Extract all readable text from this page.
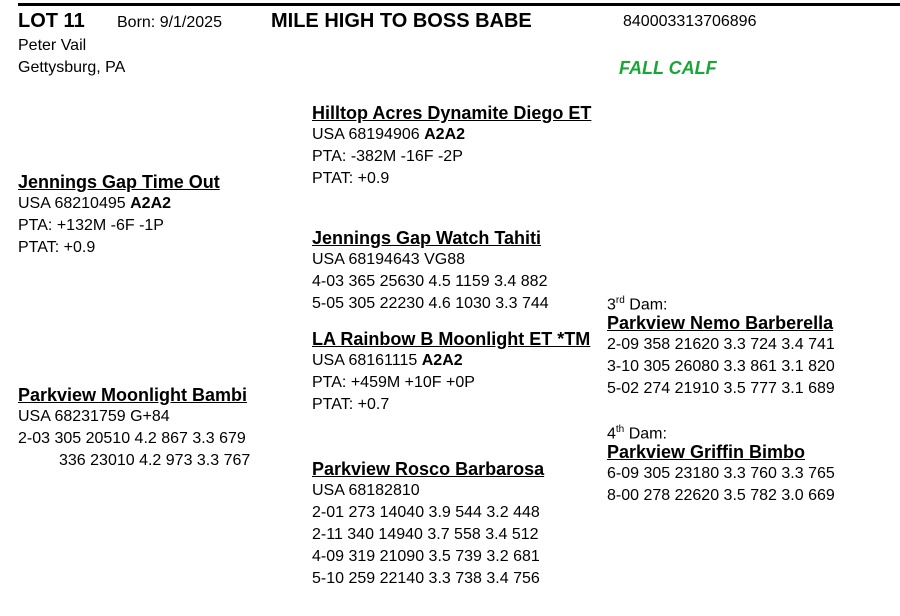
LOT 11 Born: 9/1/2025 MILE HIGH TO BOSS BABE	840003313706896
FALL CALF
Peter Vail
Gettysburg, PA
Jennings Gap Time Out
USA 68210495 A2A2
PTA: +132M -6F -1P
PTAT: +0.9
Parkview Moonlight Bambi
USA 68231759 G+84
2-03 305 20510 4.2 867 3.3 679
336 23010 4.2 973 3.3 767
Hilltop Acres Dynamite Diego ET
USA 68194906 A2A2
PTA: -382M -16F -2P
PTAT: +0.9
Jennings Gap Watch Tahiti
USA 68194643 VG88
4-03 365 25630 4.5 1159 3.4 882
5-05 305 22230 4.6 1030 3.3 744
LA Rainbow B Moonlight ET *TM
USA 68161115 A2A2
PTA: +459M +10F +0P
PTAT: +0.7
Parkview Rosco Barbarosa
USA 68182810
2-01 273 14040 3.9 544 3.2 448
2-11 340 14940 3.7 558 3.4 512
4-09 319 21090 3.5 739 3.2 681
5-10 259 22140 3.3 738 3.4 756
3rd Dam:
Parkview Nemo Barberella
2-09 358 21620 3.3 724 3.4 741
3-10 305 26080 3.3 861 3.1 820
5-02 274 21910 3.5 777 3.1 689
4th Dam:
Parkview Griffin Bimbo
6-09 305 23180 3.3 760 3.3 765
8-00 278 22620 3.5 782 3.0 669
